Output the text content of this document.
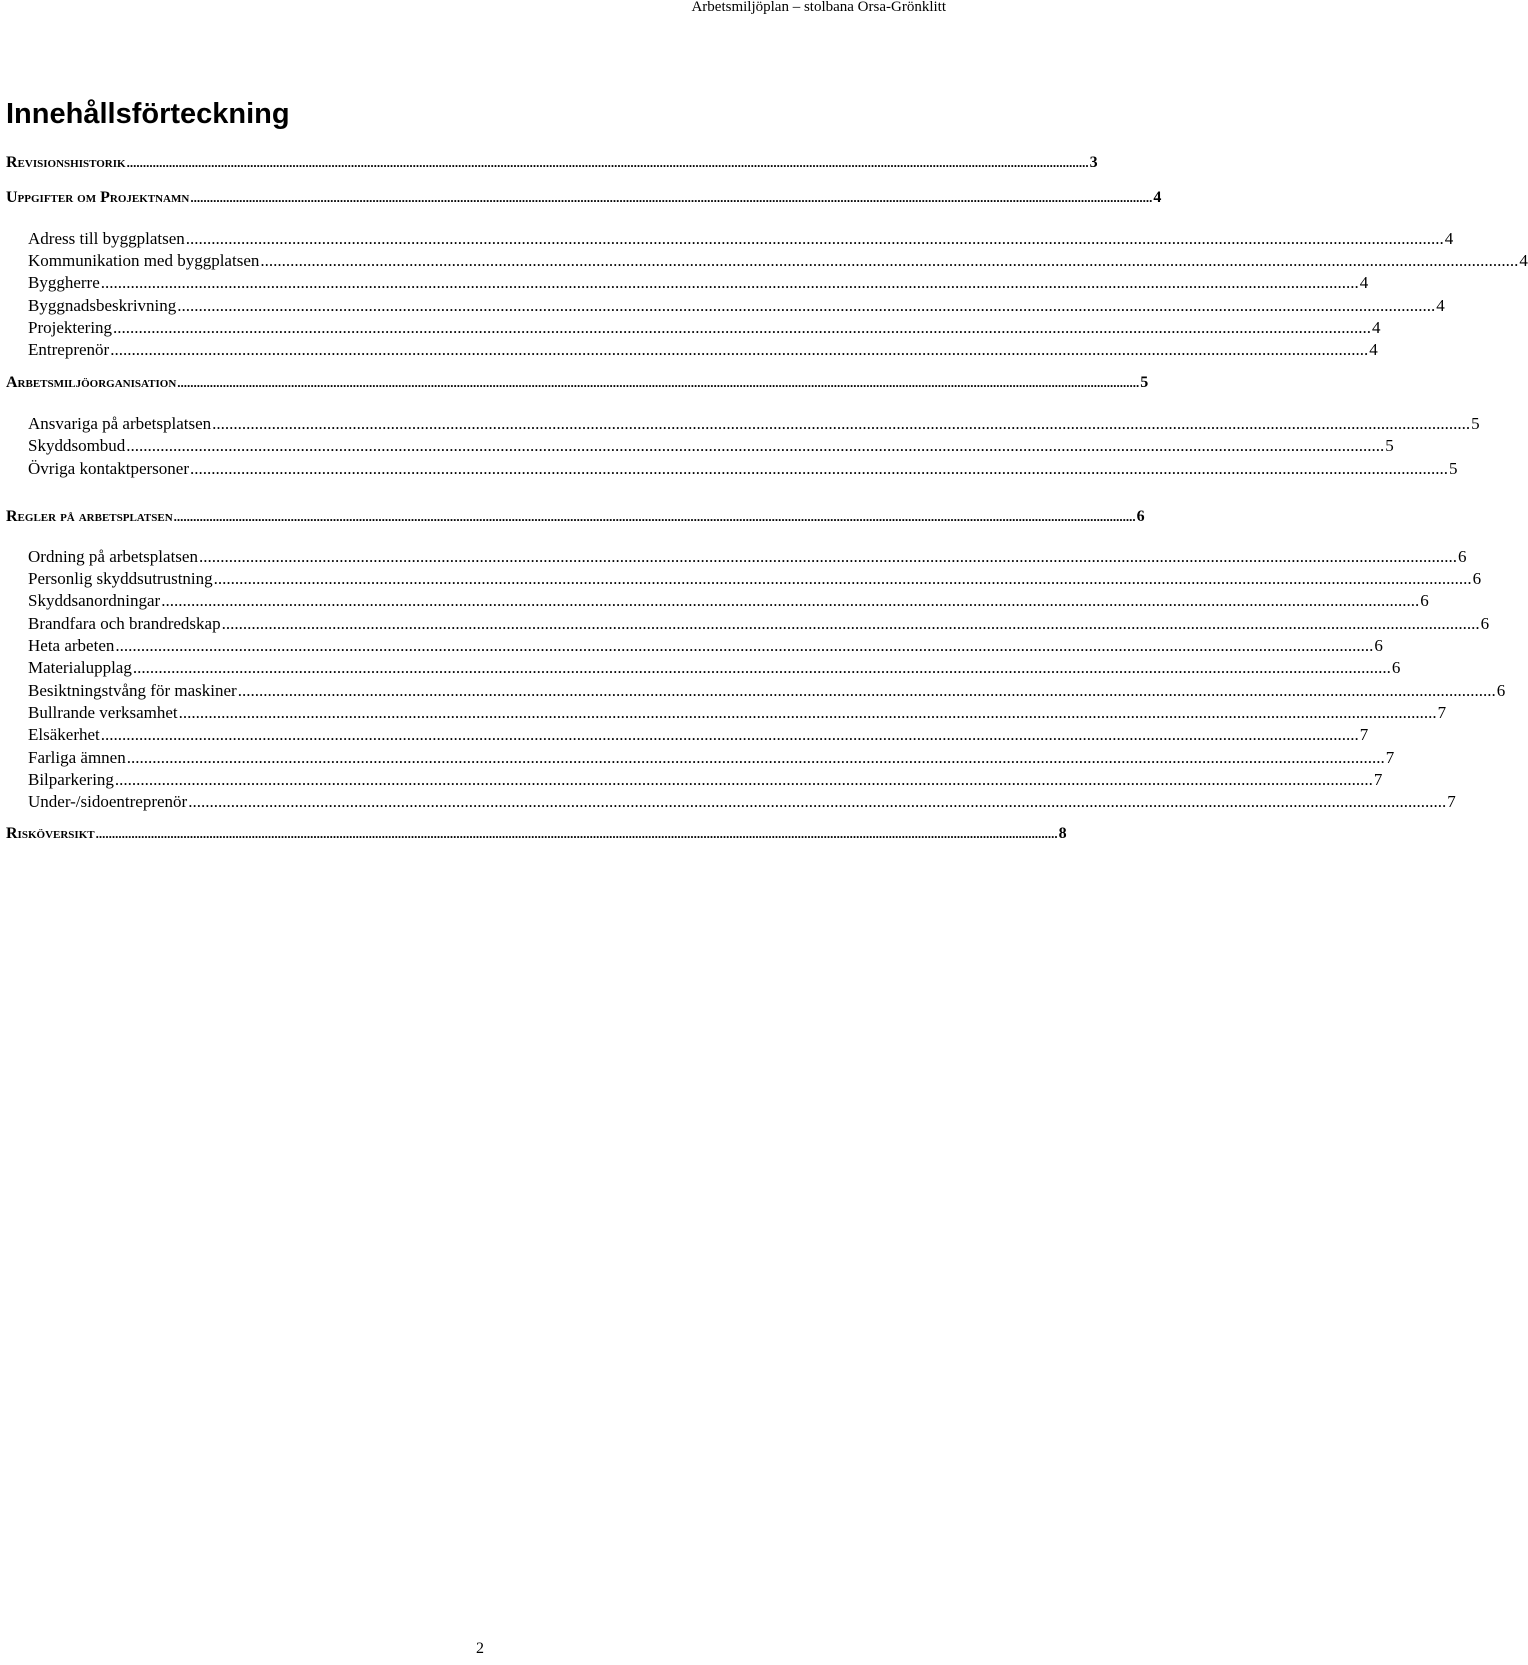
Arbetsmiljöplan – stolbana Orsa-Grönklitt
Innehållsförteckning
Revisionshistorik .....	3
Uppgifter om Projektnamn .....	4
Adress till byggplatsen .....	4
Kommunikation med byggplatsen .....	4
Byggherre .....	4
Byggnadsbeskrivning .....	4
Projektering .....	4
Entreprenör .....	4
Arbetsmiljöorganisation .....	5
Ansvariga på arbetsplatsen .....	5
Skyddsombud .....	5
Övriga kontaktpersoner .....	5
Regler på arbetsplatsen .....	6
Ordning på arbetsplatsen .....	6
Personlig skyddsutrustning .....	6
Skyddsanordningar .....	6
Brandfara och brandredskap .....	6
Heta arbeten .....	6
Materialupplag .....	6
Besiktningstvång för maskiner .....	6
Bullrande verksamhet .....	7
Elsäkerhet .....	7
Farliga ämnen .....	7
Bilparkering .....	7
Under-/sidoentreprenör .....	7
Risköversikt .....	8
2
